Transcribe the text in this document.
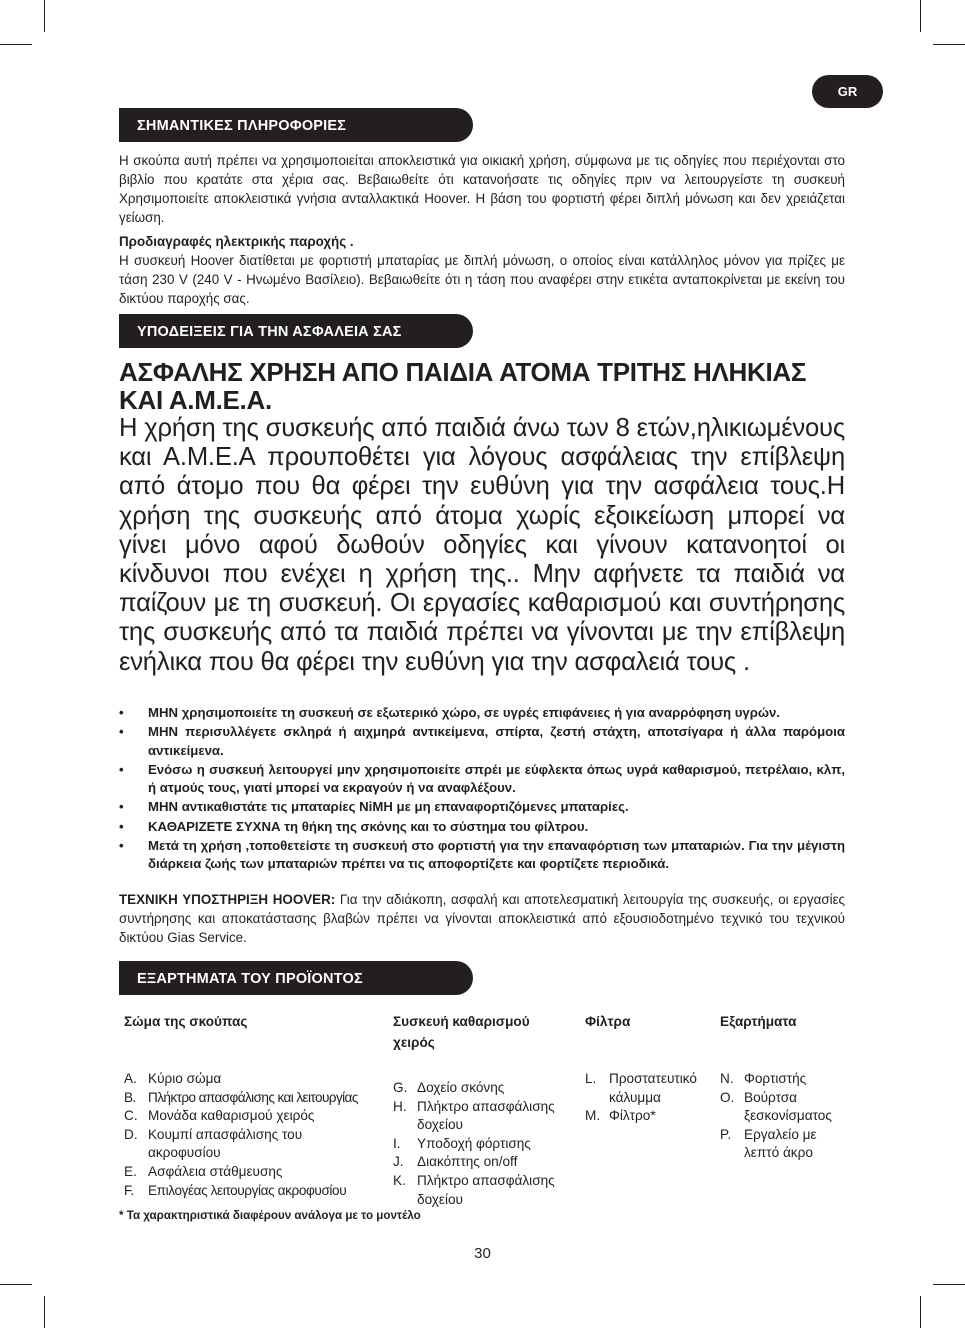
GR
ΣΗΜΑΝΤΙΚΕΣ ΠΛΗΡΟΦΟΡΙΕΣ

Η σκούπα αυτή πρέπει να χρησιμοποιείται αποκλειστικά για οικιακή χρήση, σύμφωνα με τις οδηγίες που περιέχονται στο βιβλίο που κρατάτε στα χέρια σας. Βεβαιωθείτε ότι κατανοήσατε τις οδηγίες πριν να λειτουργείστε τη συσκευή Χρησιμοποιείτε αποκλειστικά γνήσια ανταλλακτικά Hoover. Η βάση του φορτιστή φέρει διπλή μόνωση και δεν χρειάζεται γείωση.

Προδιαγραφές ηλεκτρικής παροχής .
Η συσκευή Hoover διατίθεται με φορτιστή μπαταρίας με διπλή μόνωση, ο οποίος είναι κατάλληλος μόνον για πρίζες με τάση 230 V (240 V - Ηνωμένο Βασίλειο). Βεβαιωθείτε ότι η τάση που αναφέρει στην ετικέτα ανταποκρίνεται με εκείνη του δικτύου παροχής σας.

ΥΠΟΔΕΙΞΕΙΣ ΓΙΑ ΤΗΝ ΑΣΦΑΛΕΙΑ ΣΑΣ
ΑΣΦΑΛΗΣ ΧΡΗΣΗ ΑΠΟ ΠΑΙΔΙΑ ΑΤΟΜΑ ΤΡΙΤΗΣ ΗΛΗΚΙΑΣ ΚΑΙ Α.Μ.Ε.Α.

Η χρήση της συσκευής από παιδιά άνω των 8 ετών,ηλικιωμένους και Α.Μ.Ε.Α προυποθέτει για λόγους ασφάλειας την επίβλεψη από άτομο που θα φέρει την ευθύνη για την ασφάλεια τους.Η χρήση της συσκευής από άτομα χωρίς εξοικείωση μπορεί να γίνει μόνο αφού δωθούν οδηγίες και γίνουν κατανοητοί οι κίνδυνοι που ενέχει η χρήση της.. Μην αφήνετε τα παιδιά να παίζουν με τη συσκευή. Οι εργασίες καθαρισμού και συντήρησης της συσκευής από τα παιδιά πρέπει να γίνονται με την επίβλεψη ενήλικα που θα φέρει την ευθύνη για την ασφαλειά τους .

• ΜΗΝ χρησιμοποιείτε τη συσκευή σε εξωτερικό χώρο, σε υγρές επιφάνειες ή για αναρρόφηση υγρών.
• ΜΗΝ περισυλλέγετε σκληρά ή αιχμηρά αντικείμενα, σπίρτα, ζεστή στάχτη, αποτσίγαρα ή άλλα παρόμοια αντικείμενα.
• Ενόσω η συσκευή λειτουργεί μην χρησιμοποιείτε σπρέι με εύφλεκτα όπως υγρά καθαρισμού, πετρέλαιο, κλπ, ή ατμούς τους, γιατί μπορεί να εκραγούν ή να αναφλέξουν.
• ΜΗΝ αντικαθιστάτε τις μπαταρίες NiMH με μη επαναφορτιζόμενες μπαταρίες.
• ΚΑΘΑΡΙΖΕΤΕ ΣΥΧΝΑ τη θήκη της σκόνης και το σύστημα του φίλτρου.
• Μετά τη χρήση ,τοποθετείστε τη συσκευή στο φορτιστή για την επαναφόρτιση των μπαταριών. Για την μέγιστη διάρκεια ζωής των μπαταριών πρέπει να τις αποφορτίζετε και φορτίζετε περιοδικά.

ΤΕΧΝΙΚΗ ΥΠΟΣΤΗΡΙΞΗ HOOVER: Για την αδιάκοπη, ασφαλή και αποτελεσματική λειτουργία της συσκευής, οι εργασίες συντήρησης και αποκατάστασης βλαβών πρέπει να γίνονται αποκλειστικά από εξουσιοδοτημένο τεχνικό του τεχνικού δικτύου Gias Service.

ΕΞΑΡΤΗΜΑΤΑ ΤΟΥ ΠΡΟΪΟΝΤΟΣ

Σώμα της σκούπας

A. Κύριο σώμα
B. Πλήκτρο απασφάλισης και λειτουργίας
C. Μονάδα καθαρισμού χειρός
D. Κουμπί απασφάλισης του ακροφυσίου
E. Ασφάλεια στάθμευσης
F. Επιλογέας λειτουργίας ακροφυσίου

Συσκευή καθαρισμού χειρός

G. Δοχείο σκόνης
H. Πλήκτρο απασφάλισης δοχείου
I. Υποδοχή φόρτισης
J. Διακόπτης on/off
K. Πλήκτρο απασφάλισης δοχείου

Φίλτρα

L. Προστατευτικό κάλυμμα
M. Φίλτρο*

Εξαρτήματα

N. Φορτιστής
O. Βούρτσα ξεσκονίσματος
P. Εργαλείο με λεπτό άκρο

* Τα χαρακτηριστικά διαφέρουν ανάλογα με το μοντέλο

30
